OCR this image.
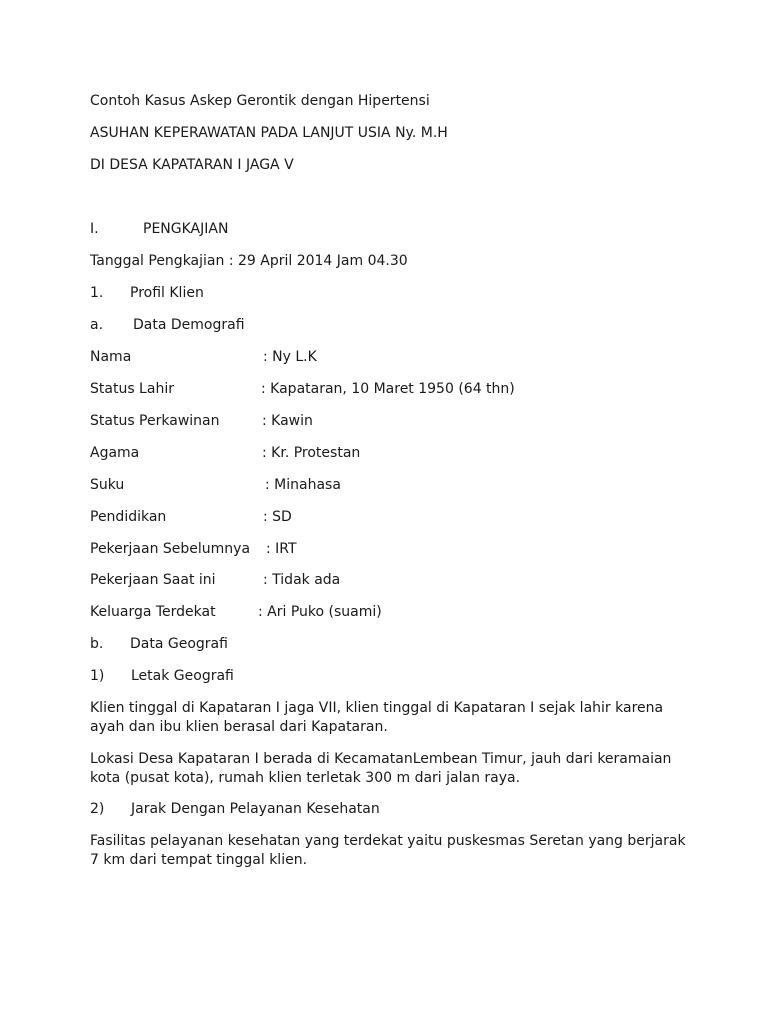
Contoh Kasus Askep Gerontik dengan Hipertensi
ASUHAN KEPERAWATAN PADA LANJUT USIA Ny. M.H
DI DESA KAPATARAN I JAGA V
I.	PENGKAJIAN
Tanggal Pengkajian : 29 April 2014 Jam 04.30
1. Profil Klien
a. Data Demografi
Nama	: Ny L.K
Status Lahir	: Kapataran, 10 Maret 1950 (64 thn)
Status Perkawinan	: Kawin
Agama	: Kr. Protestan
Suku	: Minahasa
Pendidikan	: SD
Pekerjaan Sebelumnya : IRT
Pekerjaan Saat ini	: Tidak ada
Keluarga Terdekat	: Ari Puko (suami)
b. Data Geografi
1) Letak Geografi
Klien tinggal di Kapataran I jaga VII, klien tinggal di Kapataran I sejak lahir karena ayah dan ibu klien berasal dari Kapataran.
Lokasi Desa Kapataran I berada di KecamatanLembean Timur, jauh dari keramaian kota (pusat kota), rumah klien terletak 300 m dari jalan raya.
2) Jarak Dengan Pelayanan Kesehatan
Fasilitas pelayanan kesehatan yang terdekat yaitu puskesmas Seretan yang berjarak 7 km dari tempat tinggal klien.
